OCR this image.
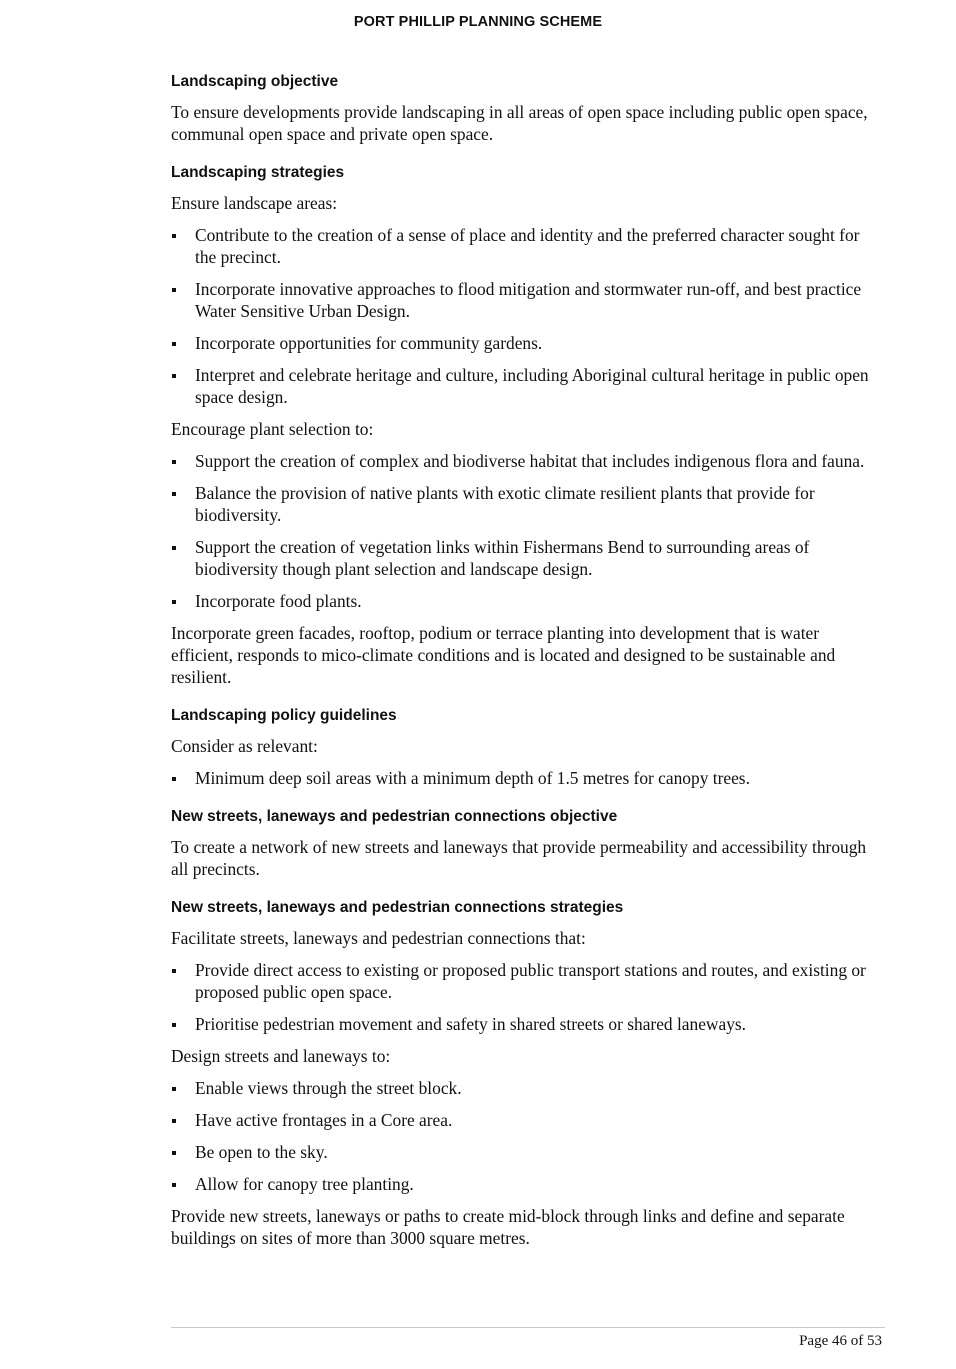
PORT PHILLIP PLANNING SCHEME
Landscaping objective

To ensure developments provide landscaping in all areas of open space including public open space, communal open space and private open space.

Landscaping strategies

Ensure landscape areas:

Contribute to the creation of a sense of place and identity and the preferred character sought for the precinct.
Incorporate innovative approaches to flood mitigation and stormwater run-off, and best practice Water Sensitive Urban Design.
Incorporate opportunities for community gardens.
Interpret and celebrate heritage and culture, including Aboriginal cultural heritage in public open space design.

Encourage plant selection to:

Support the creation of complex and biodiverse habitat that includes indigenous flora and fauna.
Balance the provision of native plants with exotic climate resilient plants that provide for biodiversity.
Support the creation of vegetation links within Fishermans Bend to surrounding areas of biodiversity though plant selection and landscape design.
Incorporate food plants.

Incorporate green facades, rooftop, podium or terrace planting into development that is water efficient, responds to mico-climate conditions and is located and designed to be sustainable and resilient.

Landscaping policy guidelines

Consider as relevant:

Minimum deep soil areas with a minimum depth of 1.5 metres for canopy trees.
New streets, laneways and pedestrian connections objective

To create a network of new streets and laneways that provide permeability and accessibility through all precincts.

New streets, laneways and pedestrian connections strategies

Facilitate streets, laneways and pedestrian connections that:

Provide direct access to existing or proposed public transport stations and routes, and existing or proposed public open space.
Prioritise pedestrian movement and safety in shared streets or shared laneways.

Design streets and laneways to:

Enable views through the street block.
Have active frontages in a Core area.
Be open to the sky.
Allow for canopy tree planting.

Provide new streets, laneways or paths to create mid-block through links and define and separate buildings on sites of more than 3000 square metres.

Page 46 of 53
